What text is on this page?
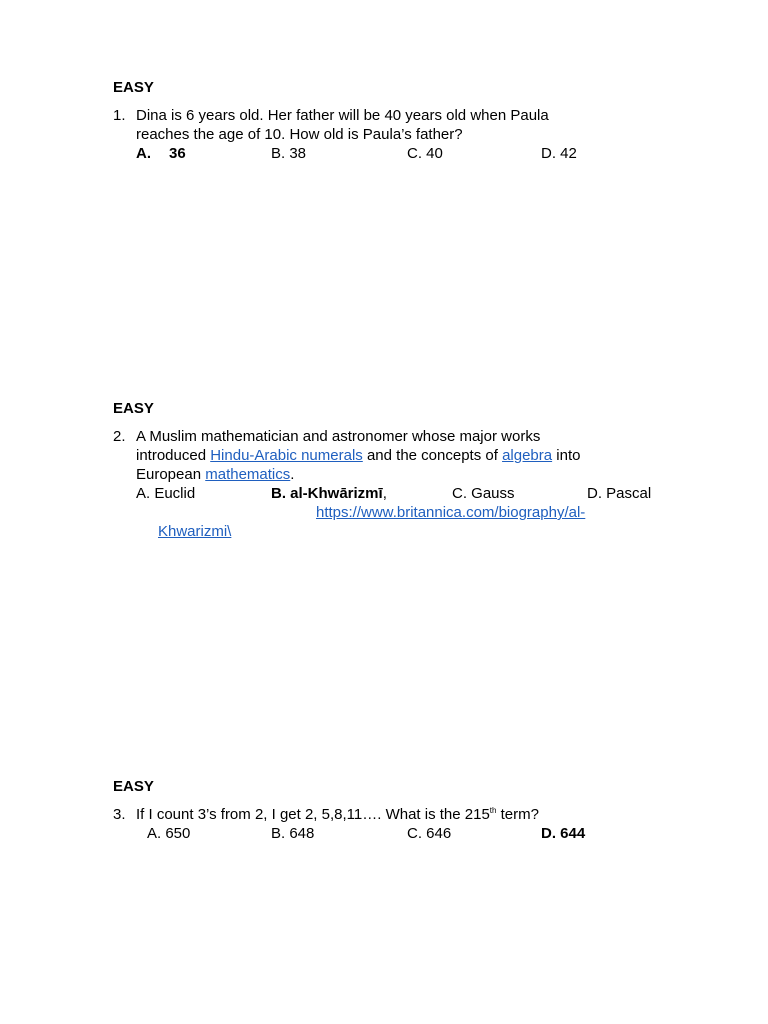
EASY
1. Dina is 6 years old. Her father will be 40 years old when Paula
reaches the age of 10. How old is Paula’s father?
A. 36	B. 38	C. 40	D. 42
EASY
2. A Muslim mathematician and astronomer whose major works
introduced Hindu-Arabic numerals and the concepts of algebra into
European mathematics.
A. Euclid	B. al-Khwārizmī,	C. Gauss	D. Pascal
https://www.britannica.com/biography/al-
Khwarizmi\
EASY
3. If I count 3’s from 2, I get 2, 5,8,11…. What is the 215th term?
A. 650	B. 648	C. 646	D. 644
